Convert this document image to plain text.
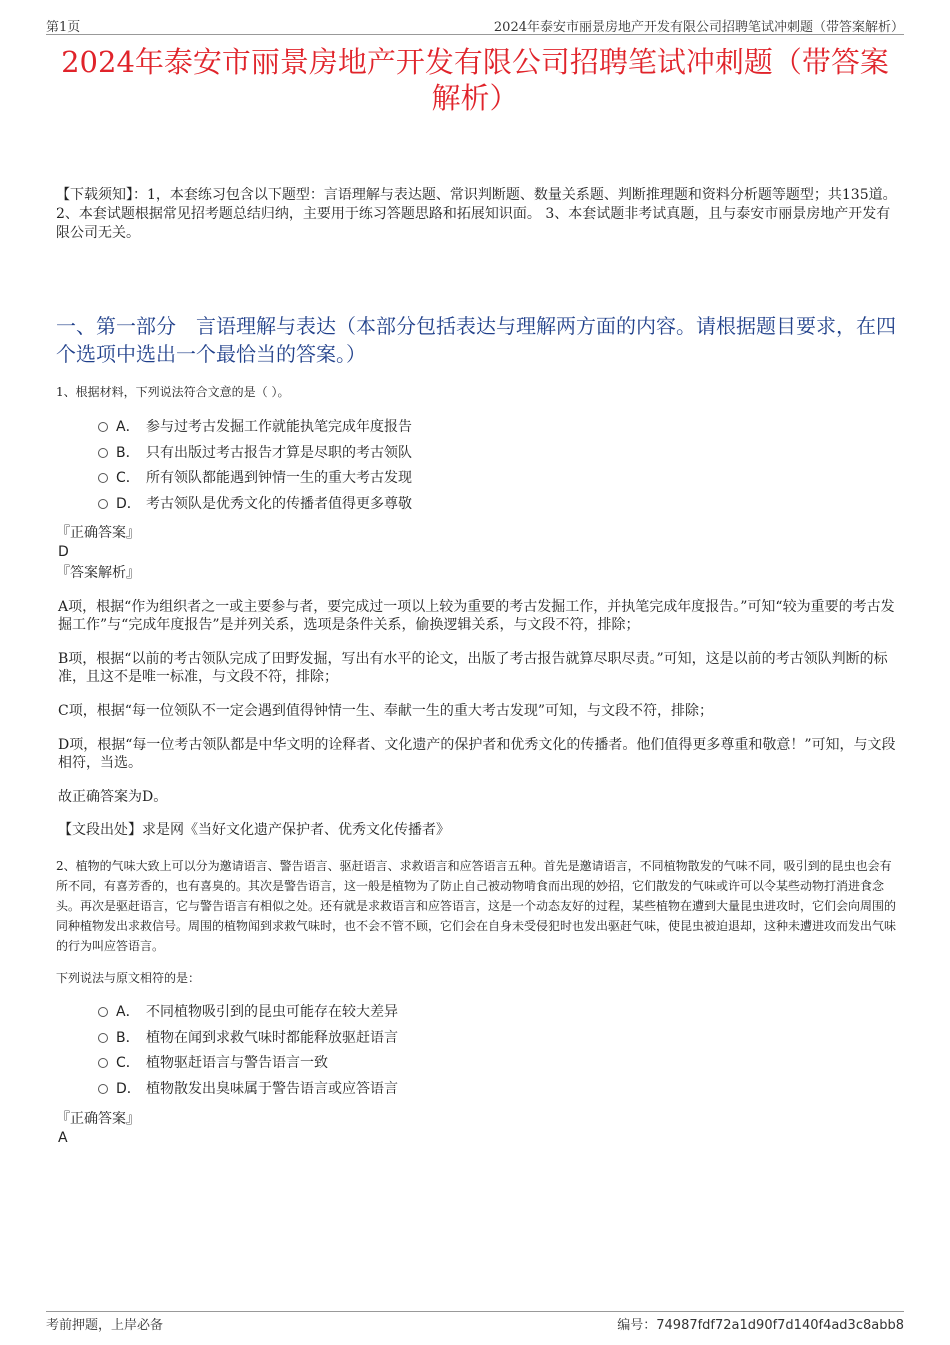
第1页	2024年泰安市丽景房地产开发有限公司招聘笔试冲刺题（带答案解析）
2024年泰安市丽景房地产开发有限公司招聘笔试冲刺题（带答案解析）
【下载须知】：1，本套练习包含以下题型：言语理解与表达题、常识判断题、数量关系题、判断推理题和资料分析题等题型；共135道。 2、本套试题根据常见招考题总结归纳，主要用于练习答题思路和拓展知识面。 3、本套试题非考试真题，且与泰安市丽景房地产开发有限公司无关。
一、第一部分　言语理解与表达（本部分包括表达与理解两方面的内容。请根据题目要求，在四个选项中选出一个最恰当的答案。）
1、根据材料，下列说法符合文意的是（ ）。
A． 参与过考古发掘工作就能执笔完成年度报告
B． 只有出版过考古报告才算是尽职的考古领队
C． 所有领队都能遇到钟情一生的重大考古发现
D． 考古领队是优秀文化的传播者值得更多尊敬
『正确答案』
D
『答案解析』
A项，根据“作为组织者之一或主要参与者，要完成过一项以上较为重要的考古发掘工作，并执笔完成年度报告。”可知“较为重要的考古发掘工作”与“完成年度报告”是并列关系，选项是条件关系，偷换逻辑关系，与文段不符，排除；
B项，根据“以前的考古领队完成了田野发掘，写出有水平的论文，出版了考古报告就算尽职尽责。”可知，这是以前的考古领队判断的标准，且这不是唯一标准，与文段不符，排除；
C项，根据“每一位领队不一定会遇到值得钟情一生、奉献一生的重大考古发现”可知，与文段不符，排除；
D项，根据“每一位考古领队都是中华文明的诠释者、文化遗产的保护者和优秀文化的传播者。他们值得更多尊重和敬意！”可知，与文段相符，当选。
故正确答案为D。
【文段出处】求是网《当好文化遗产保护者、优秀文化传播者》
2、植物的气味大致上可以分为邀请语言、警告语言、驱赶语言、求救语言和应答语言五种。首先是邀请语言，不同植物散发的气味不同，吸引到的昆虫也会有所不同，有喜芳香的，也有喜臭的。其次是警告语言，这一般是植物为了防止自己被动物啃食而出现的妙招，它们散发的气味或许可以令某些动物打消进食念头。再次是驱赶语言，它与警告语言有相似之处。还有就是求救语言和应答语言，这是一个动态友好的过程，某些植物在遭到大量昆虫进攻时，它们会向周围的同种植物发出求救信号。周围的植物闻到求救气味时，也不会不管不顾，它们会在自身未受侵犯时也发出驱赶气味，使昆虫被迫退却，这种未遭进攻而发出气味的行为叫应答语言。
下列说法与原文相符的是：
A． 不同植物吸引到的昆虫可能存在较大差异
B． 植物在闻到求救气味时都能释放驱赶语言
C． 植物驱赶语言与警告语言一致
D． 植物散发出臭味属于警告语言或应答语言
『正确答案』
A
考前押题，上岸必备	编号：74987fdf72a1d90f7d140f4ad3c8abb8
